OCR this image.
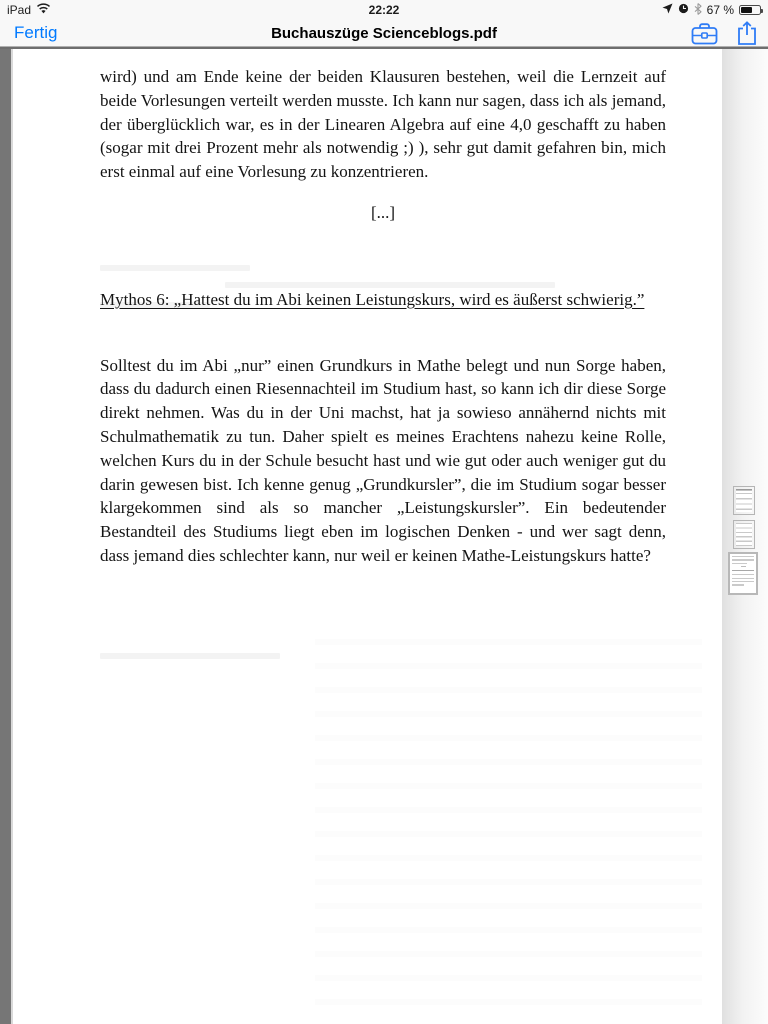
iPad	22:22	67 %
Fertig	Buchauszüge Scienceblogs.pdf

wird) und am Ende keine der beiden Klausuren bestehen, weil die Lernzeit auf beide Vorlesungen verteilt werden musste. Ich kann nur sagen, dass ich als jemand, der überglücklich war, es in der Linearen Algebra auf eine 4,0 geschafft zu haben (sogar mit drei Prozent mehr als notwendig ;) ), sehr gut damit gefahren bin, mich erst einmal auf eine Vorlesung zu konzentrieren.

[...]

Mythos 6: „Hattest du im Abi keinen Leistungskurs, wird es äußerst schwierig.”

Solltest du im Abi „nur” einen Grundkurs in Mathe belegt und nun Sorge haben, dass du dadurch einen Riesennachteil im Studium hast, so kann ich dir diese Sorge direkt nehmen. Was du in der Uni machst, hat ja sowieso annähernd nichts mit Schulmathematik zu tun. Daher spielt es meines Erachtens nahezu keine Rolle, welchen Kurs du in der Schule besucht hast und wie gut oder auch weniger gut du darin gewesen bist. Ich kenne genug „Grundkursler”, die im Studium sogar besser klargekommen sind als so mancher „Leistungskursler”. Ein bedeutender Bestandteil des Studiums liegt eben im logischen Denken - und wer sagt denn, dass jemand dies schlechter kann, nur weil er keinen Mathe-Leistungskurs hatte?
